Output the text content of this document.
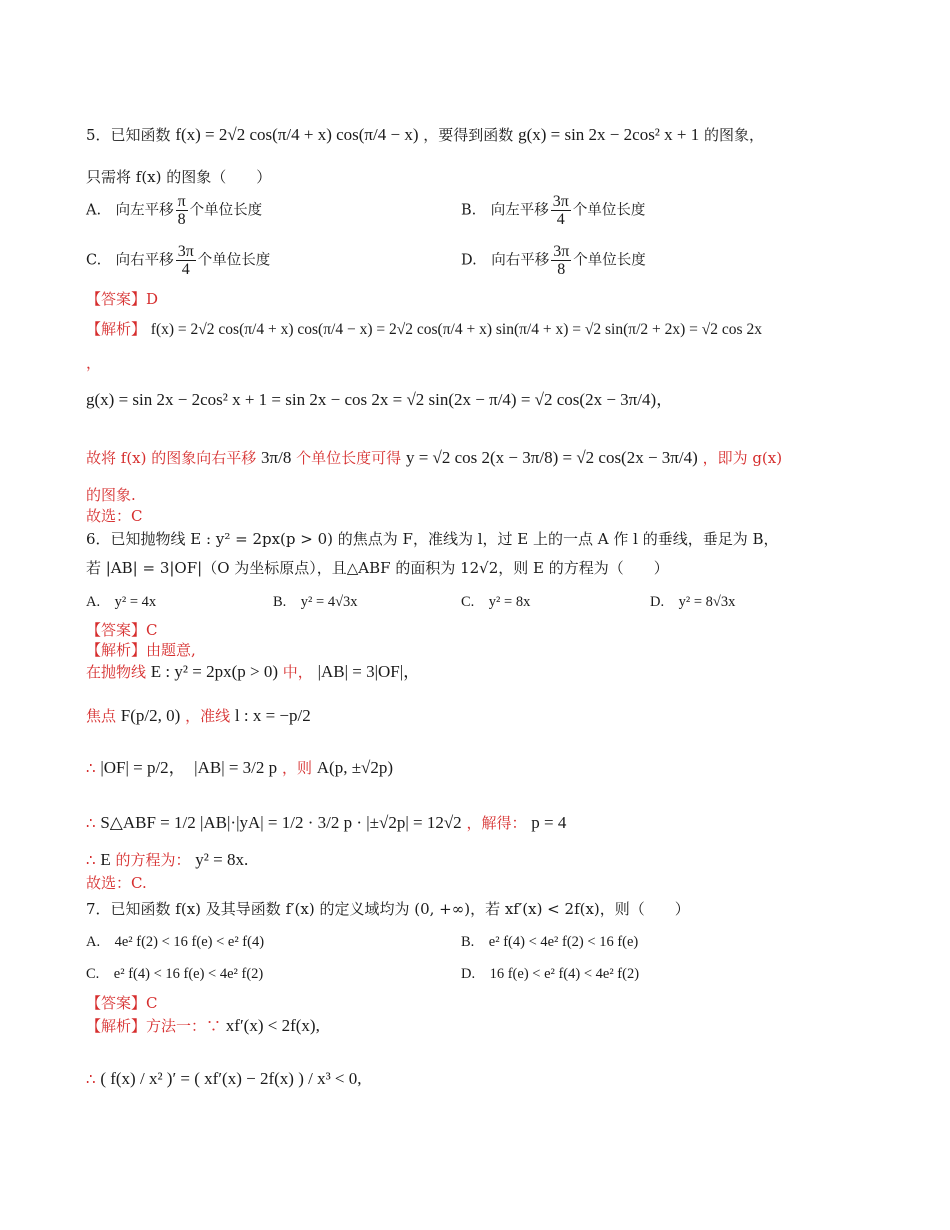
5．已知函数 f(x) = 2√2 cos(π/4 + x) cos(π/4 − x) ，要得到函数 g(x) = sin 2x − 2cos² x + 1 的图象，
只需将 f(x) 的图象（　　）
A.　向左平移 $\frac{\pi}{8}$ 个单位长度	B.　向左平移 $\frac{3\pi}{4}$ 个单位长度
C.　向右平移 $\frac{3\pi}{4}$ 个单位长度	D.　向右平移 $\frac{3\pi}{8}$ 个单位长度
【答案】D
【解析】 f(x) = 2√2 cos(π/4 + x) cos(π/4 − x) = 2√2 cos(π/4 + x) sin(π/4 + x) = √2 sin(π/2 + 2x) = √2 cos 2x
，
g(x) = sin 2x − 2cos² x + 1 = sin 2x − cos 2x = √2 sin(2x − π/4) = √2 cos(2x − 3π/4)，
故将 f(x) 的图象向右平移 3π/8 个单位长度可得 y = √2 cos 2(x − 3π/8) = √2 cos(2x − 3π/4) ，即为 g(x)
的图象.
故选：C
6．已知抛物线 E : y² = 2px(p > 0) 的焦点为 F，准线为 l，过 E 上的一点 A 作 l 的垂线，垂足为 B，
若 |AB| = 3|OF|（O 为坐标原点），且△ABF 的面积为 12√2，则 E 的方程为（　　）
A.　y² = 4x	B.　y² = 4√3x	C.　y² = 8x	D.　y² = 8√3x
【答案】C
【解析】由题意,
在抛物线 E : y² = 2px(p > 0) 中， |AB| = 3|OF|，
焦点 F(p/2, 0) ，准线 l : x = −p/2
∴ |OF| = p/2，　|AB| = 3/2 p ，则 A(p, ±√2p)
∴ S△ABF = 1/2 |AB|·|yA| = 1/2 · 3/2 p · |±√2p| = 12√2 ，解得： p = 4
∴ E 的方程为： y² = 8x.
故选：C.
7．已知函数 f(x) 及其导函数 f′(x) 的定义域均为 (0, +∞)，若 xf′(x) < 2f(x)，则（　　）
A.　4e² f(2) < 16 f(e) < e² f(4)	B.　e² f(4) < 4e² f(2) < 16 f(e)
C.　e² f(4) < 16 f(e) < 4e² f(2)	D.　16 f(e) < e² f(4) < 4e² f(2)
【答案】C
【解析】方法一：∵ xf′(x) < 2f(x),
∴ ( f(x) / x² )′ = ( xf′(x) − 2f(x) ) / x³ < 0,
